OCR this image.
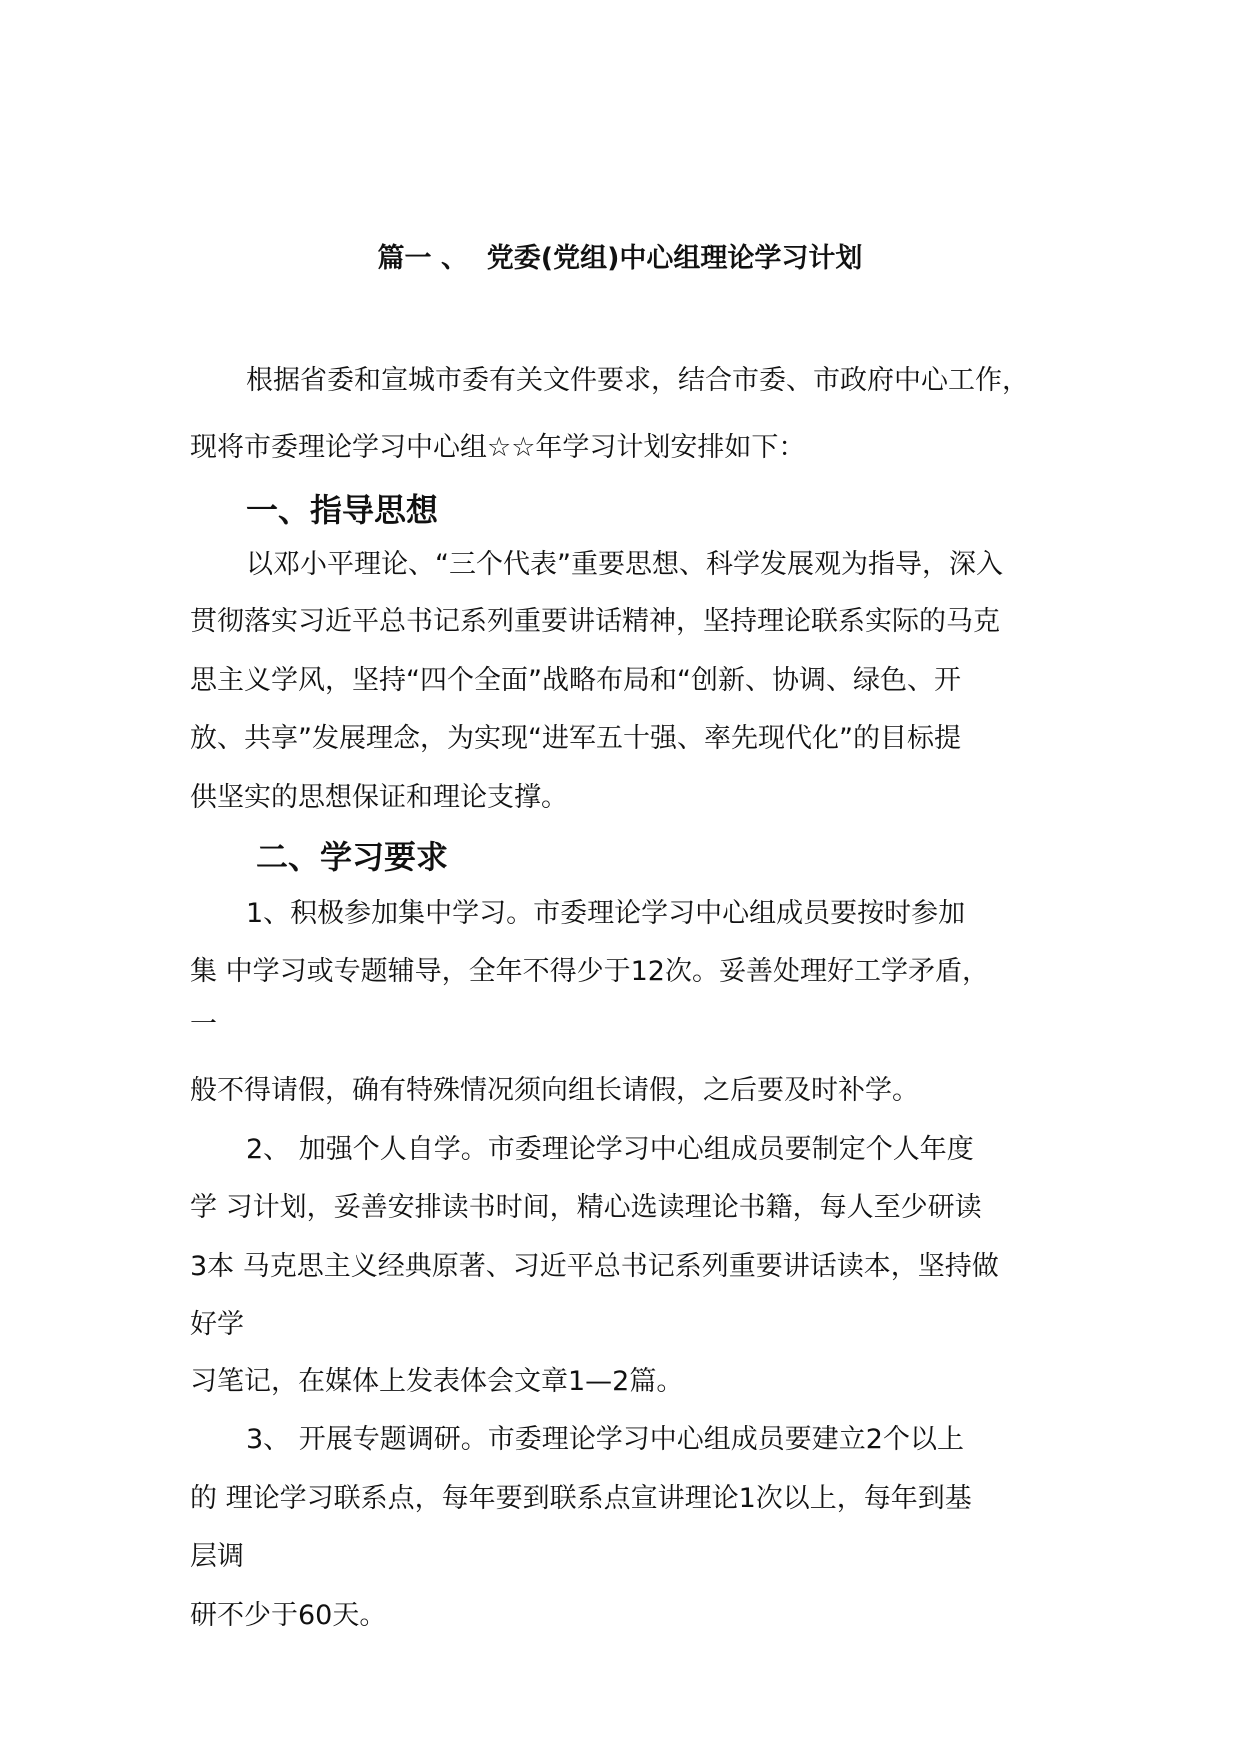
篇一 、  党委(党组)中心组理论学习计划
根据省委和宣城市委有关文件要求，结合市委、市政府中心工作，
现将市委理论学习中心组☆☆年学习计划安排如下：
一、指导思想
以邓小平理论、“三个代表”重要思想、科学发展观为指导，深入
贯彻落实习近平总书记系列重要讲话精神，坚持理论联系实际的马克
思主义学风，坚持“四个全面”战略布局和“创新、协调、绿色、开
放、共享”发展理念，为实现“进军五十强、率先现代化”的目标提
供坚实的思想保证和理论支撑。
二、学习要求
1、积极参加集中学习。市委理论学习中心组成员要按时参加
集 中学习或专题辅导，全年不得少于12次。妥善处理好工学矛盾，
一
般不得请假，确有特殊情况须向组长请假，之后要及时补学。
2、 加强个人自学。市委理论学习中心组成员要制定个人年度
学 习计划，妥善安排读书时间，精心选读理论书籍，每人至少研读
3本 马克思主义经典原著、习近平总书记系列重要讲话读本，坚持做
好学
习笔记，在媒体上发表体会文章1—2篇。
3、 开展专题调研。市委理论学习中心组成员要建立2个以上
的 理论学习联系点，每年要到联系点宣讲理论1次以上，每年到基
层调
研不少于60天。
